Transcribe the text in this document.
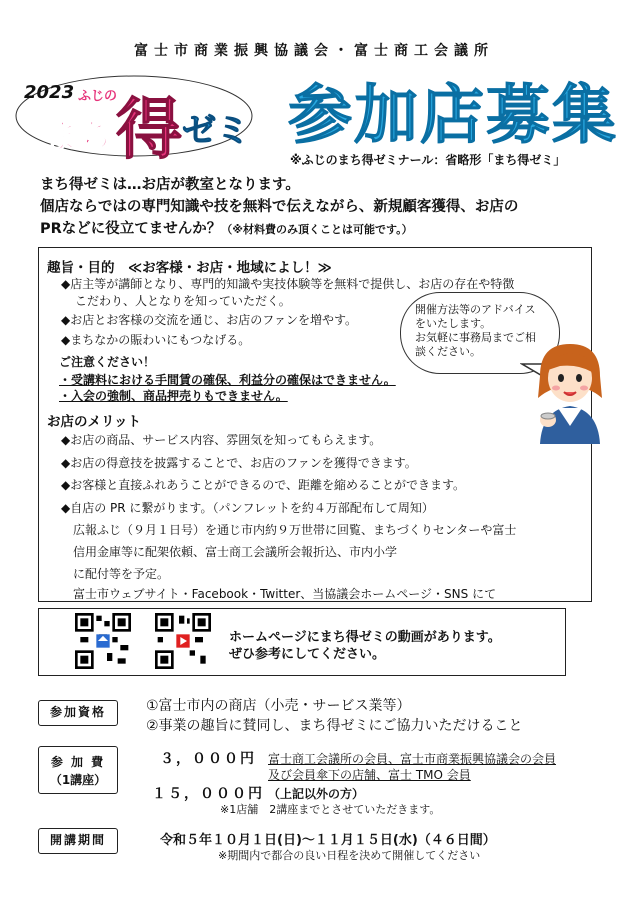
富士市商業振興協議会・富士商工会議所
2023 ふじの
まち 得 ゼミ 参加店募集
※ふじのまち得ゼミナール：省略形「まち得ゼミ」
まち得ゼミは…お店が教室となります。
個店ならではの専門知識や技を無料で伝えながら、新規顧客獲得、お店の
PRなどに役立てませんか？（※材料費のみ頂くことは可能です。）
趣旨・目的　≪お客様・お店・地域によし！≫
◆店主等が講師となり、専門的知識や実技体験等を無料で提供し、お店の存在や特徴
こだわり、人となりを知っていただく。
◆お店とお客様の交流を通じ、お店のファンを増やす。
◆まちなかの賑わいにもつなげる。
ご注意ください！
・受講料における手間賃の確保、利益分の確保はできません。
・入会の強制、商品押売りもできません。
お店のメリット
◆お店の商品、サービス内容、雰囲気を知ってもらえます。
◆お店の得意技を披露することで、お店のファンを獲得できます。
◆お客様と直接ふれあうことができるので、距離を縮めることができます。
◆自店の PR に繋がります。（パンフレットを約４万部配布して周知）
広報ふじ（９月１日号）を通じ市内約９万世帯に回覧、まちづくりセンターや富士
信用金庫等に配架依頼、富士商工会議所会報折込、市内小学
に配付等を予定。
富士市ウェブサイト・Facebook・Twitter、当協議会ホームページ・SNS にて
開催方法等のアドバイス
をいたします。
お気軽に事務局までご相
談ください。
ホームページにまち得ゼミの動画があります。
ぜひ参考にしてください。
参加資格	①富士市内の商店（小売・サービス業等）
②事業の趣旨に賛同し、まち得ゼミにご協力いただけること
参 加 費
（1講座）
３，０００円 富士商工会議所の会員、富士市商業振興協議会の会員
及び会員傘下の店舗、富士 TMO 会員
１５，０００円 （上記以外の方）
※1店舗　2講座までとさせていただきます。
開講期間	令和５年１０月１日(日)～１１月１５日(水)（４６日間）
※期間内で都合の良い日程を決めて開催してください
